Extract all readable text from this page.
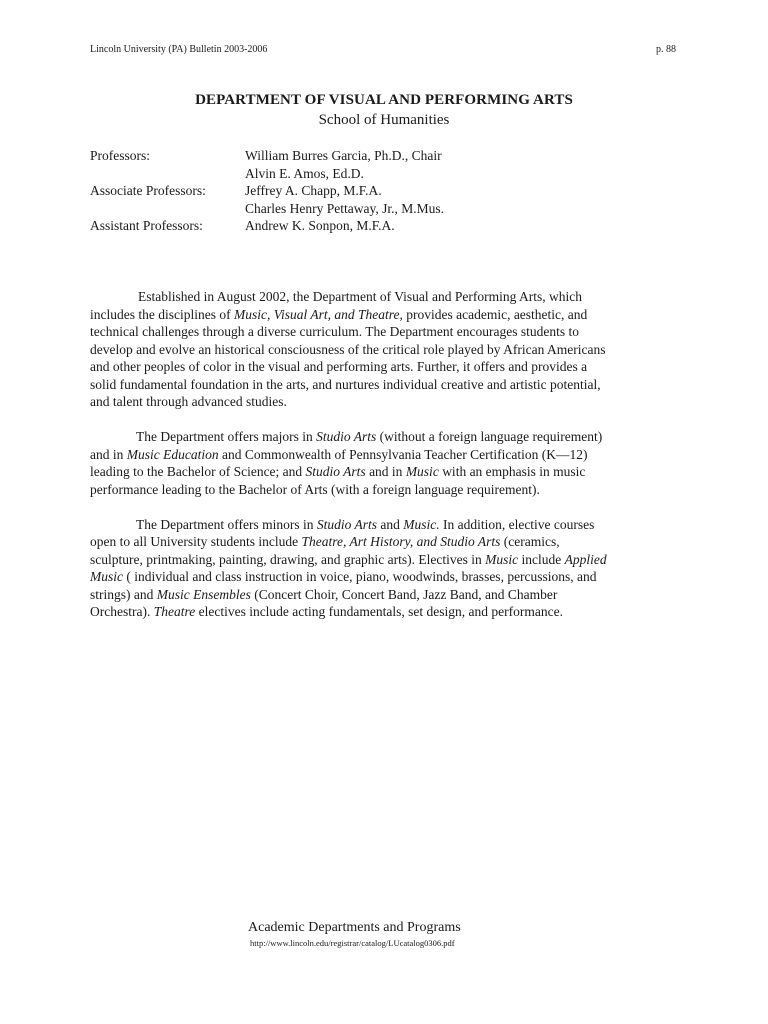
Lincoln University (PA) Bulletin 2003-2006	p. 88
DEPARTMENT OF VISUAL AND PERFORMING ARTS
School of Humanities
Professors:	William Burres Garcia, Ph.D., Chair
Alvin E. Amos, Ed.D.
Associate Professors:	Jeffrey A. Chapp, M.F.A.
Charles Henry Pettaway, Jr., M.Mus.
Assistant Professors:	Andrew K. Sonpon, M.F.A.
Established in August 2002, the Department of Visual and Performing Arts, which
includes the disciplines of Music, Visual Art, and Theatre, provides academic, aesthetic, and
technical challenges through a diverse curriculum. The Department encourages students to
develop and evolve an historical consciousness of the critical role played by African Americans
and other peoples of color in the visual and performing arts. Further, it offers and provides a
solid fundamental foundation in the arts, and nurtures individual creative and artistic potential,
and talent through advanced studies.
The Department offers majors in Studio Arts (without a foreign language requirement)
and in Music Education and Commonwealth of Pennsylvania Teacher Certification (K—12)
leading to the Bachelor of Science; and Studio Arts and in Music with an emphasis in music
performance leading to the Bachelor of Arts (with a foreign language requirement).
The Department offers minors in Studio Arts and Music. In addition, elective courses
open to all University students include Theatre, Art History, and Studio Arts (ceramics,
sculpture, printmaking, painting, drawing, and graphic arts). Electives in Music include Applied
Music ( individual and class instruction in voice, piano, woodwinds, brasses, percussions, and
strings) and Music Ensembles (Concert Choir, Concert Band, Jazz Band, and Chamber
Orchestra). Theatre electives include acting fundamentals, set design, and performance.
Academic Departments and Programs
http://www.lincoln.edu/registrar/catalog/LUcatalog0306.pdf
